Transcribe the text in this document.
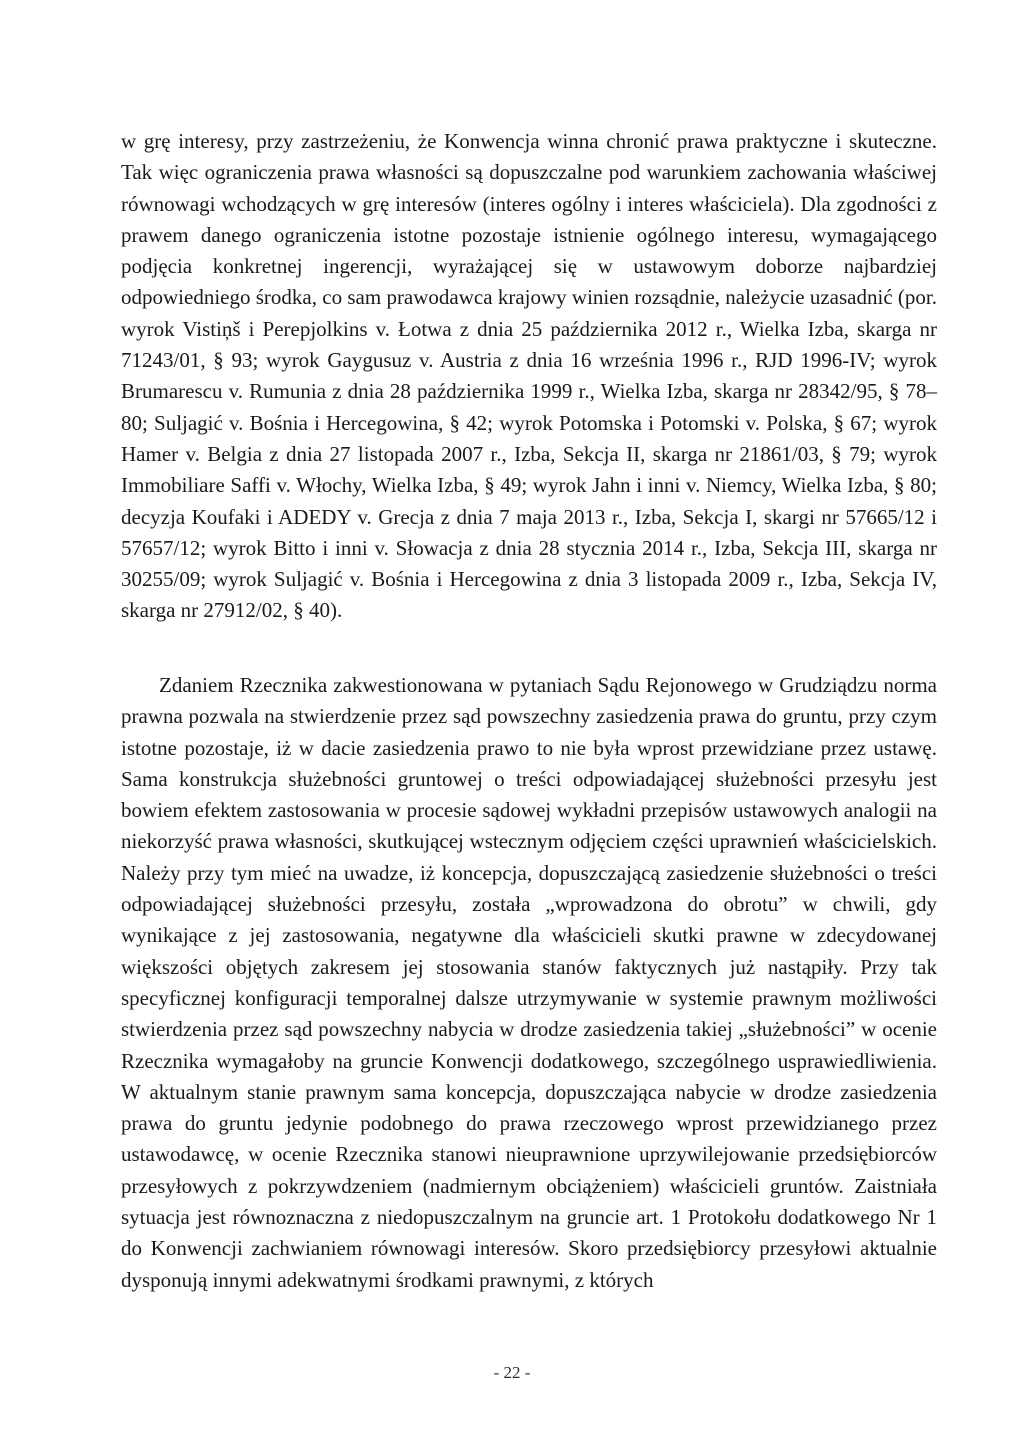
w grę interesy, przy zastrzeżeniu, że Konwencja winna chronić prawa praktyczne i skuteczne. Tak więc ograniczenia prawa własności są dopuszczalne pod warunkiem zachowania właściwej równowagi wchodzących w grę interesów (interes ogólny i interes właściciela). Dla zgodności z prawem danego ograniczenia istotne pozostaje istnienie ogólnego interesu, wymagającego podjęcia konkretnej ingerencji, wyrażającej się w ustawowym doborze najbardziej odpowiedniego środka, co sam prawodawca krajowy winien rozsądnie, należycie uzasadnić (por. wyrok Vistiņš i Perepjolkins v. Łotwa z dnia 25 października 2012 r., Wielka Izba, skarga nr 71243/01, § 93; wyrok Gaygusuz v. Austria z dnia 16 września 1996 r., RJD 1996-IV; wyrok Brumarescu v. Rumunia z dnia 28 października 1999 r., Wielka Izba, skarga nr 28342/95, § 78–80; Suljagić v. Bośnia i Hercegowina, § 42; wyrok Potomska i Potomski v. Polska, § 67; wyrok Hamer v. Belgia z dnia 27 listopada 2007 r., Izba, Sekcja II, skarga nr 21861/03, § 79; wyrok Immobiliare Saffi v. Włochy, Wielka Izba, § 49; wyrok Jahn i inni v. Niemcy, Wielka Izba, § 80; decyzja Koufaki i ADEDY v. Grecja z dnia 7 maja 2013 r., Izba, Sekcja I, skargi nr 57665/12 i 57657/12; wyrok Bitto i inni v. Słowacja z dnia 28 stycznia 2014 r., Izba, Sekcja III, skarga nr 30255/09; wyrok Suljagić v. Bośnia i Hercegowina z dnia 3 listopada 2009 r., Izba, Sekcja IV, skarga nr 27912/02, § 40).
Zdaniem Rzecznika zakwestionowana w pytaniach Sądu Rejonowego w Grudziądzu norma prawna pozwala na stwierdzenie przez sąd powszechny zasiedzenia prawa do gruntu, przy czym istotne pozostaje, iż w dacie zasiedzenia prawo to nie była wprost przewidziane przez ustawę. Sama konstrukcja służebności gruntowej o treści odpowiadającej służebności przesyłu jest bowiem efektem zastosowania w procesie sądowej wykładni przepisów ustawowych analogii na niekorzyść prawa własności, skutkującej wstecznym odjęciem części uprawnień właścicielskich. Należy przy tym mieć na uwadze, iż koncepcja, dopuszczającą zasiedzenie służebności o treści odpowiadającej służebności przesyłu, została „wprowadzona do obrotu” w chwili, gdy wynikające z jej zastosowania, negatywne dla właścicieli skutki prawne w zdecydowanej większości objętych zakresem jej stosowania stanów faktycznych już nastąpiły. Przy tak specyficznej konfiguracji temporalnej dalsze utrzymywanie w systemie prawnym możliwości stwierdzenia przez sąd powszechny nabycia w drodze zasiedzenia takiej „służebności” w ocenie Rzecznika wymagałoby na gruncie Konwencji dodatkowego, szczególnego usprawiedliwienia. W aktualnym stanie prawnym sama koncepcja, dopuszczająca nabycie w drodze zasiedzenia prawa do gruntu jedynie podobnego do prawa rzeczowego wprost przewidzianego przez ustawodawcę, w ocenie Rzecznika stanowi nieuprawnione uprzywilejowanie przedsiębiorców przesyłowych z pokrzywdzeniem (nadmiernym obciążeniem) właścicieli gruntów. Zaistniała sytuacja jest równoznaczna z niedopuszczalnym na gruncie art. 1 Protokołu dodatkowego Nr 1 do Konwencji zachwianiem równowagi interesów. Skoro przedsiębiorcy przesyłowi aktualnie dysponują innymi adekwatnymi środkami prawnymi, z których
- 22 -
